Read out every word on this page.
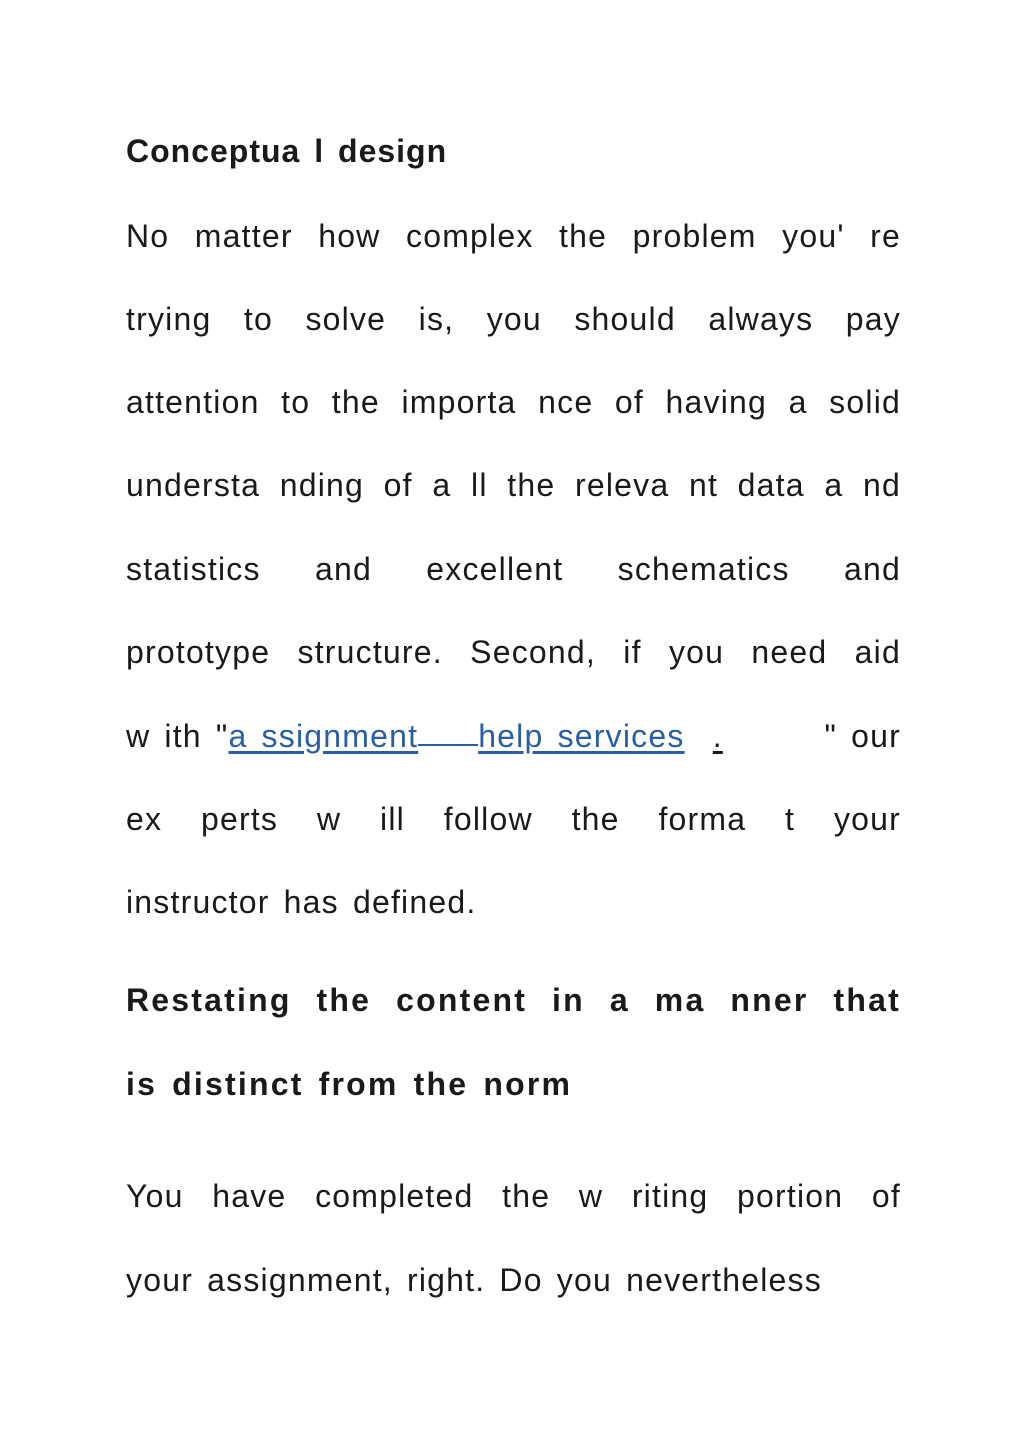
Conceptua l design
No matter how complex the problem you' re
trying to solve is, you should always pay
attention to the importa nce of having a solid
understa nding of a ll the releva nt data a nd
statistics and excellent schematics and
prototype structure. Second, if you need aid
w ith "a ssignment help services .	" our
ex perts w ill follow the forma t your
instructor has defined.
Restating the content in a ma nner that
is distinct from the norm
You have completed the w riting portion of
your assignment, right. Do you nevertheless
